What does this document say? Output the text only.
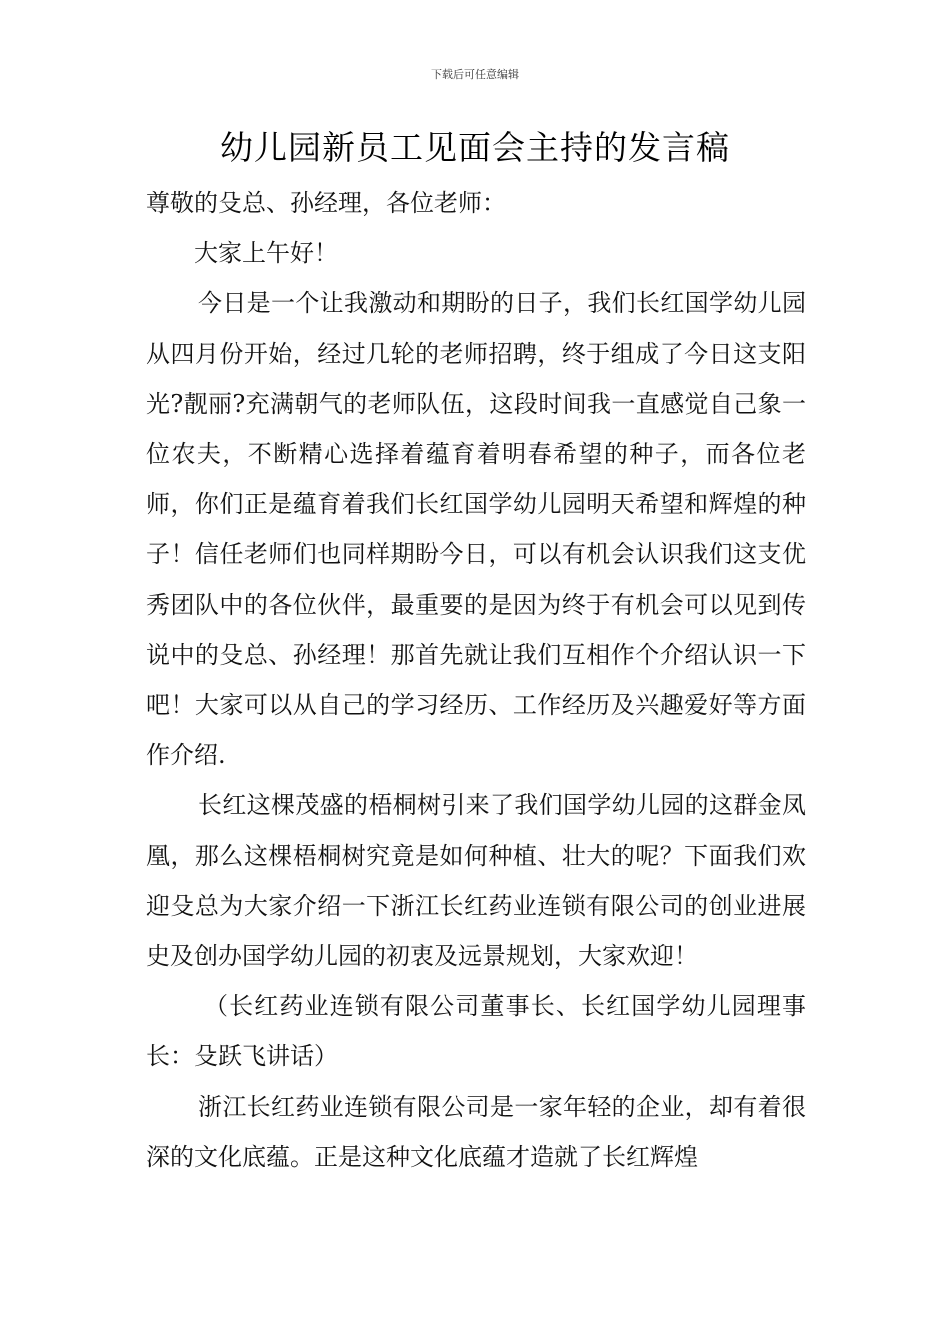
下载后可任意编辑
幼儿园新员工见面会主持的发言稿

尊敬的殳总、孙经理，各位老师：

大家上午好！

今日是一个让我激动和期盼的日子，我们长红国学幼儿园从四月份开始，经过几轮的老师招聘，终于组成了今日这支阳光?靓丽?充满朝气的老师队伍，这段时间我一直感觉自己象一位农夫，不断精心选择着蕴育着明春希望的种子，而各位老师，你们正是蕴育着我们长红国学幼儿园明天希望和辉煌的种子！信任老师们也同样期盼今日，可以有机会认识我们这支优秀团队中的各位伙伴，最重要的是因为终于有机会可以见到传说中的殳总、孙经理！那首先就让我们互相作个介绍认识一下吧！大家可以从自己的学习经历、工作经历及兴趣爱好等方面作介绍.

长红这棵茂盛的梧桐树引来了我们国学幼儿园的这群金凤凰，那么这棵梧桐树究竟是如何种植、壮大的呢？下面我们欢迎殳总为大家介绍一下浙江长红药业连锁有限公司的创业进展史及创办国学幼儿园的初衷及远景规划，大家欢迎！

（长红药业连锁有限公司董事长、长红国学幼儿园理事长：殳跃飞讲话）

浙江长红药业连锁有限公司是一家年轻的企业，却有着很深的文化底蕴。正是这种文化底蕴才造就了长红辉煌
